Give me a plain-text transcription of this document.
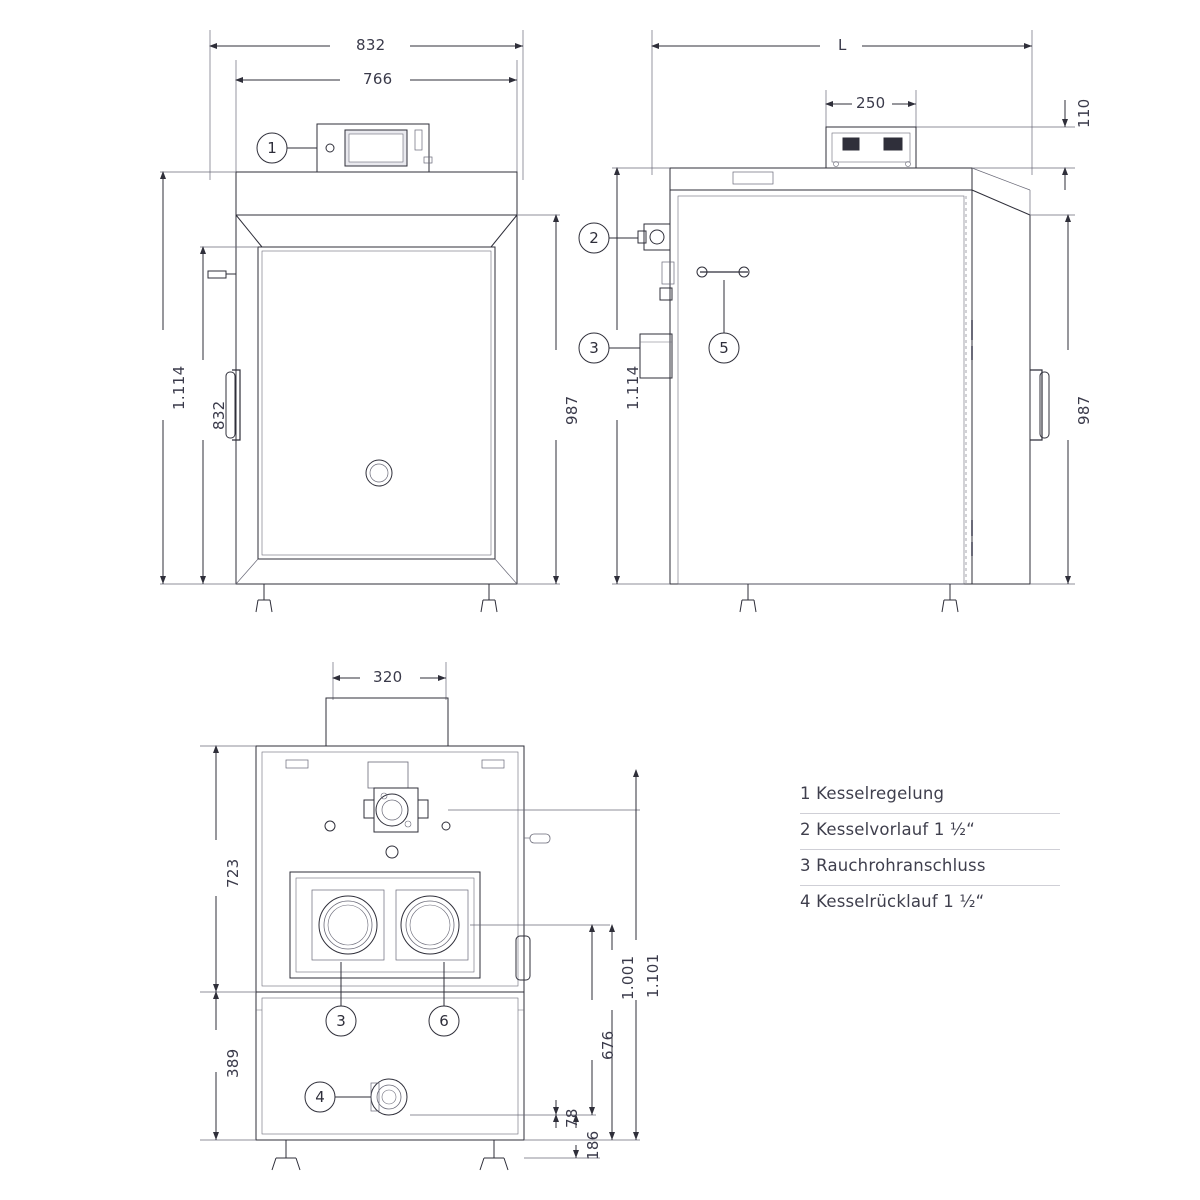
832
766
1.114
832	987
L
250	110
1.114
987
320
723
389
1.001 1.101
676
78
186
1
2
3	5
3	6
4
1 Kesselregelung
2 Kesselvorlauf 1 ½“
3 Rauchrohranschluss
4 Kesselrücklauf 1 ½“
